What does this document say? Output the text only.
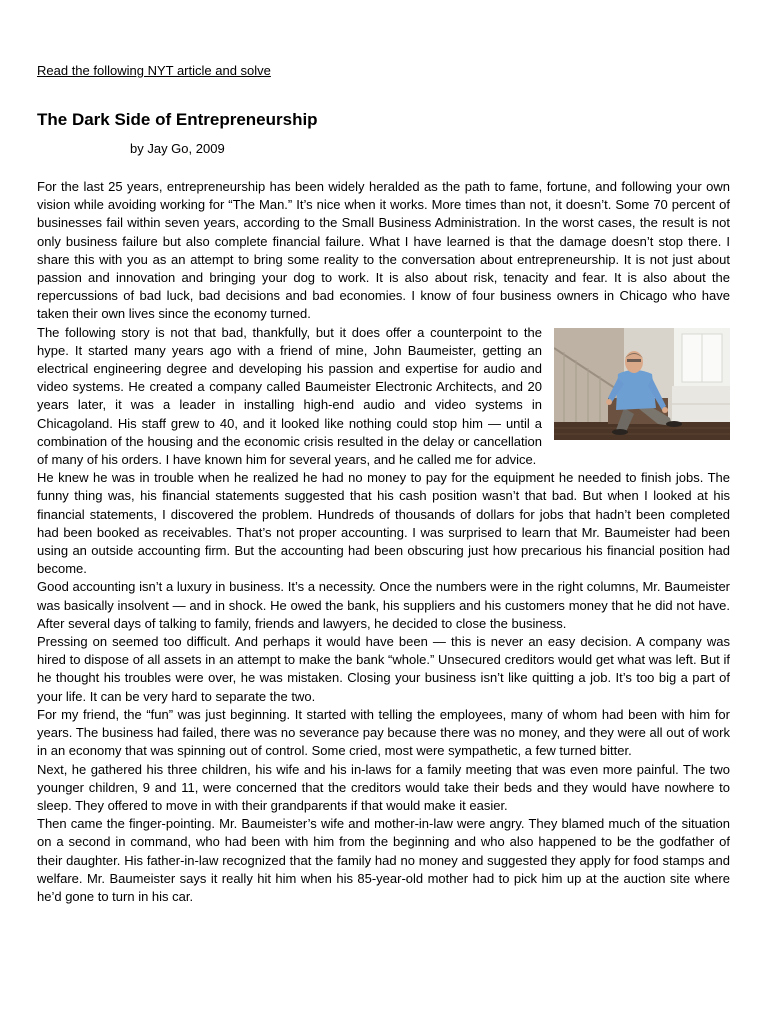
Read the following NYT article and solve

The Dark Side of Entrepreneurship

by Jay Go, 2009

For the last 25 years, entrepreneurship has been widely heralded as the path to fame, fortune, and following your own vision while avoiding working for “The Man.” It’s nice when it works. More times than not, it doesn’t. Some 70 percent of businesses fail within seven years, according to the Small Business Administration. In the worst cases, the result is not only business failure but also complete financial failure. What I have learned is that the damage doesn’t stop there. I share this with you as an attempt to bring some reality to the conversation about entrepreneurship. It is not just about passion and innovation and bringing your dog to work. It is also about risk, tenacity and fear. It is also about the repercussions of bad luck, bad decisions and bad economies. I know of four business owners in Chicago who have taken their own lives since the economy turned.

The following story is not that bad, thankfully, but it does offer a counterpoint to the hype. It started many years ago with a friend of mine, John Baumeister, getting an electrical engineering degree and developing his passion and expertise for audio and video systems. He created a company called Baumeister Electronic Architects, and 20 years later, it was a leader in installing high-end audio and video systems in Chicagoland. His staff grew to 40, and it looked like nothing could stop him — until a combination of the housing and the economic crisis resulted in the delay or cancellation of many of his orders. I have known him for several years, and he called me for advice.

He knew he was in trouble when he realized he had no money to pay for the equipment he needed to finish jobs. The funny thing was, his financial statements suggested that his cash position wasn’t that bad. But when I looked at his financial statements, I discovered the problem. Hundreds of thousands of dollars for jobs that hadn’t been completed had been booked as receivables. That’s not proper accounting. I was surprised to learn that Mr. Baumeister had been using an outside accounting firm. But the accounting had been obscuring just how precarious his financial position had become.

Good accounting isn’t a luxury in business. It’s a necessity. Once the numbers were in the right columns, Mr. Baumeister was basically insolvent — and in shock. He owed the bank, his suppliers and his customers money that he did not have. After several days of talking to family, friends and lawyers, he decided to close the business.

Pressing on seemed too difficult. And perhaps it would have been — this is never an easy decision. A company was hired to dispose of all assets in an attempt to make the bank “whole.” Unsecured creditors would get what was left. But if he thought his troubles were over, he was mistaken. Closing your business isn’t like quitting a job. It’s too big a part of your life. It can be very hard to separate the two.

For my friend, the “fun” was just beginning. It started with telling the employees, many of whom had been with him for years. The business had failed, there was no severance pay because there was no money, and they were all out of work in an economy that was spinning out of control. Some cried, most were sympathetic, a few turned bitter.

Next, he gathered his three children, his wife and his in-laws for a family meeting that was even more painful. The two younger children, 9 and 11, were concerned that the creditors would take their beds and they would have nowhere to sleep. They offered to move in with their grandparents if that would make it easier.

Then came the finger-pointing. Mr. Baumeister’s wife and mother-in-law were angry. They blamed much of the situation on a second in command, who had been with him from the beginning and who also happened to be the godfather of their daughter. His father-in-law recognized that the family had no money and suggested they apply for food stamps and welfare. Mr. Baumeister says it really hit him when his 85-year-old mother had to pick him up at the auction site where he’d gone to turn in his car.
